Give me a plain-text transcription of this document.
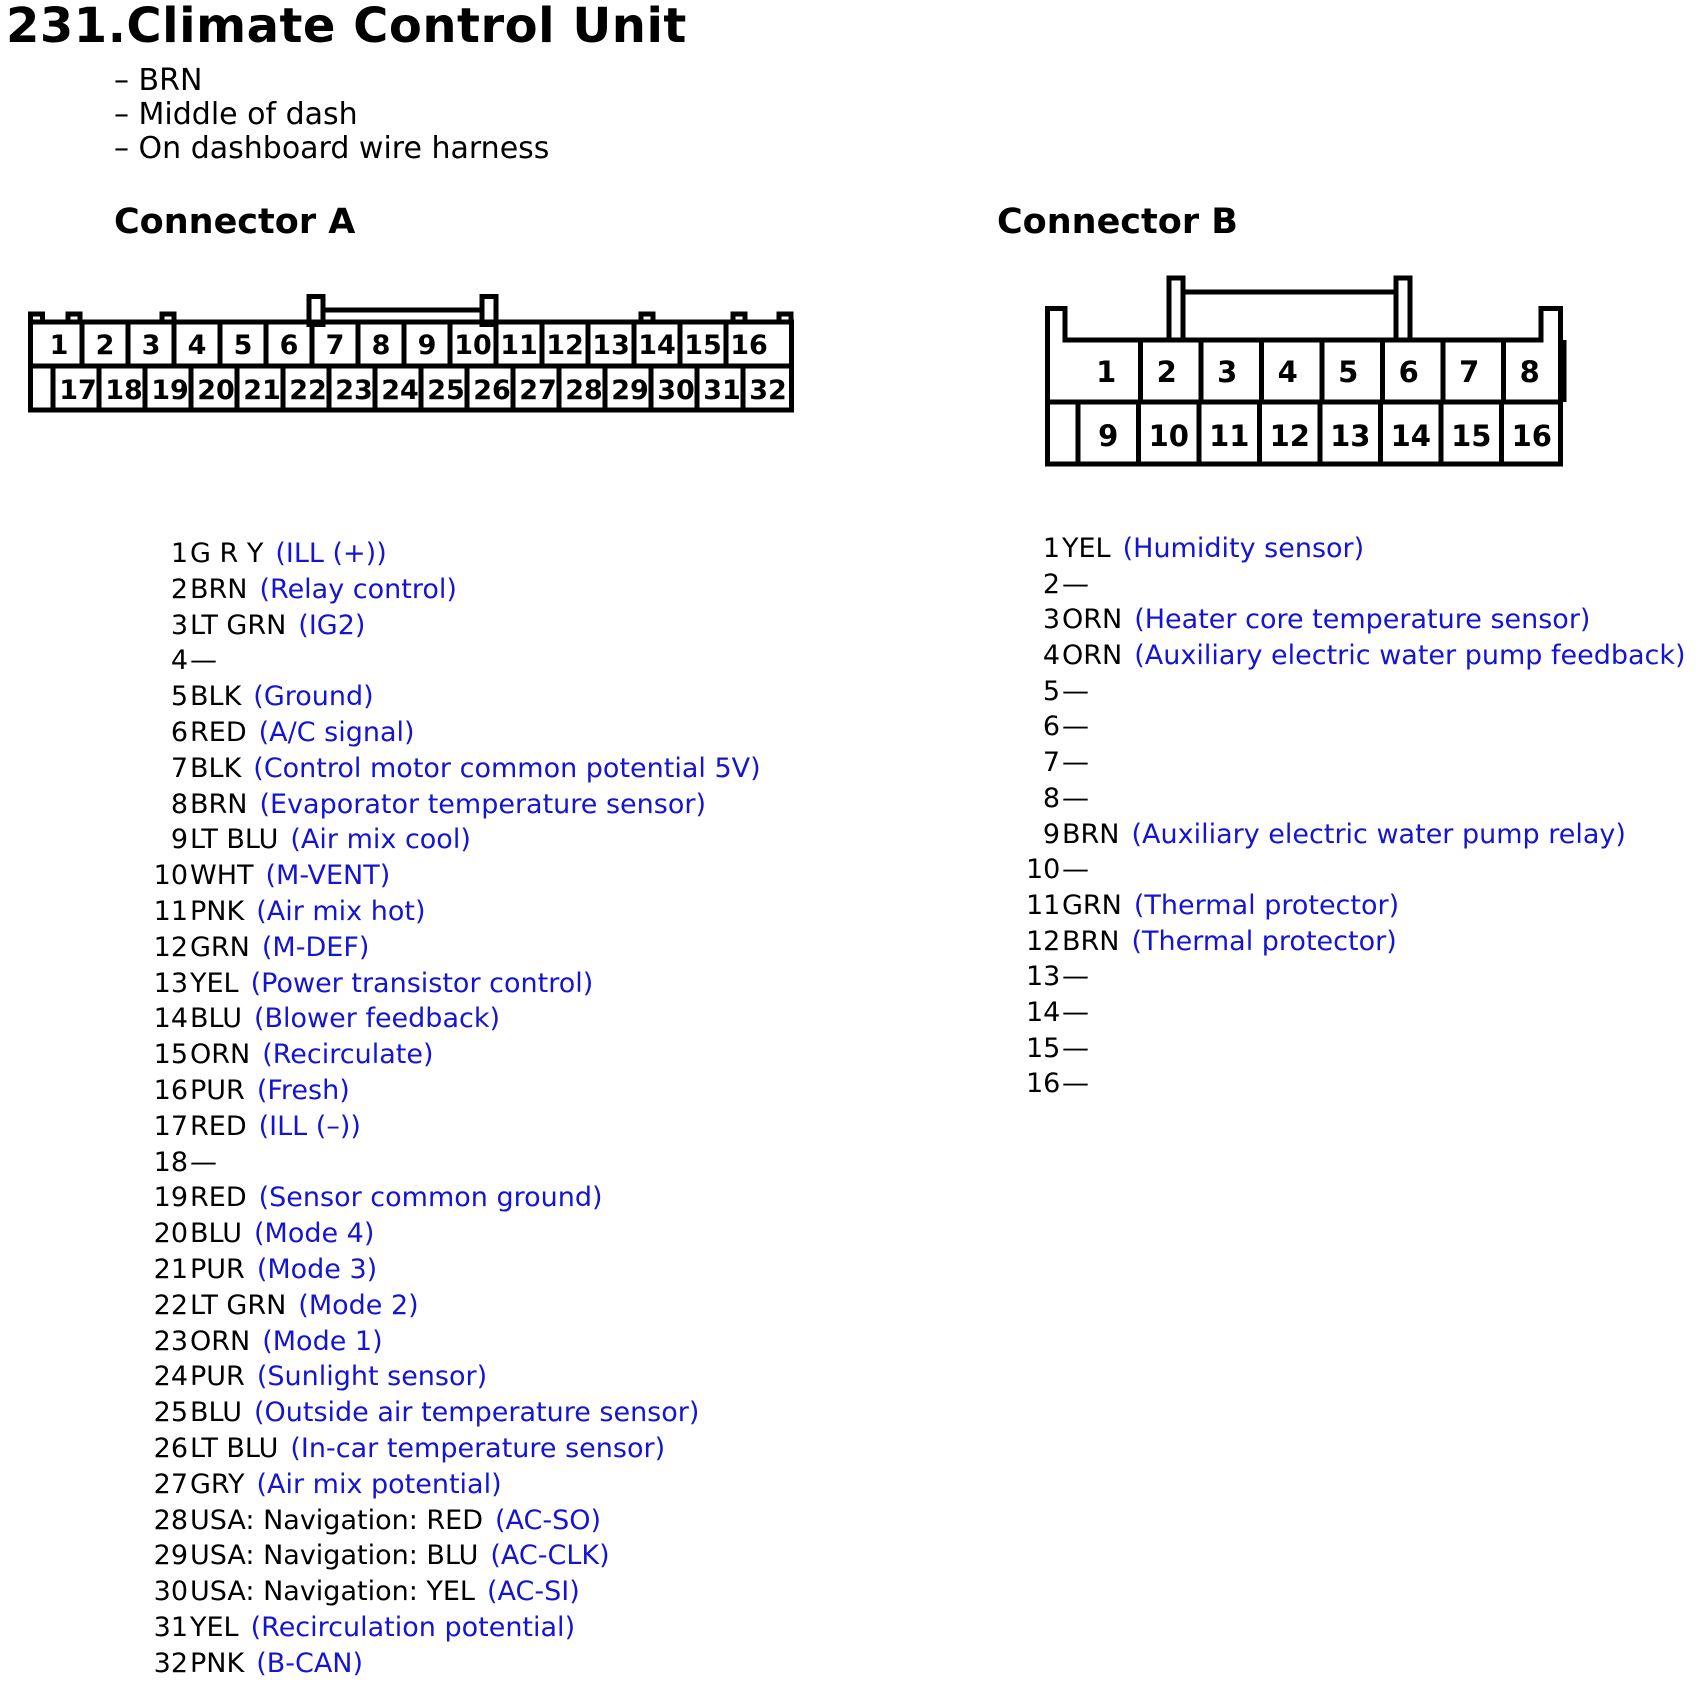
231.Climate Control Unit
– BRN
– Middle of dash
– On dashboard wire harness
Connector A	Connector B
1 2 3 4 5 6 7 8 9 10 11 12 13 14 15 16
17 18 19 20 21 22 23 24 25 26 27 28 29 30 31 32
1 2 3 4 5 6 7 8
9 10 11 12 13 14 15 16
1G R Y (ILL (+))
2BRN (Relay control)
3LT GRN (IG2)
4—
5BLK (Ground)
6RED (A/C signal)
7BLK (Control motor common potential 5V)
8BRN (Evaporator temperature sensor)
9LT BLU (Air mix cool)
10WHT (M-VENT)
11PNK (Air mix hot)
12GRN (M-DEF)
13YEL (Power transistor control)
14BLU (Blower feedback)
15ORN (Recirculate)
16PUR (Fresh)
17RED (ILL (–))
18—
19RED (Sensor common ground)
20BLU (Mode 4)
21PUR (Mode 3)
22LT GRN (Mode 2)
23ORN (Mode 1)
24PUR (Sunlight sensor)
25BLU (Outside air temperature sensor)
26LT BLU (In-car temperature sensor)
27GRY (Air mix potential)
28USA: Navigation: RED (AC-SO)
29USA: Navigation: BLU (AC-CLK)
30USA: Navigation: YEL (AC-SI)
31YEL (Recirculation potential)
32PNK (B-CAN)
1YEL (Humidity sensor)
2—
3ORN (Heater core temperature sensor)
4ORN (Auxiliary electric water pump feedback)
5—
6—
7—
8—
9BRN (Auxiliary electric water pump relay)
10—
11GRN (Thermal protector)
12BRN (Thermal protector)
13—
14—
15—
16—
